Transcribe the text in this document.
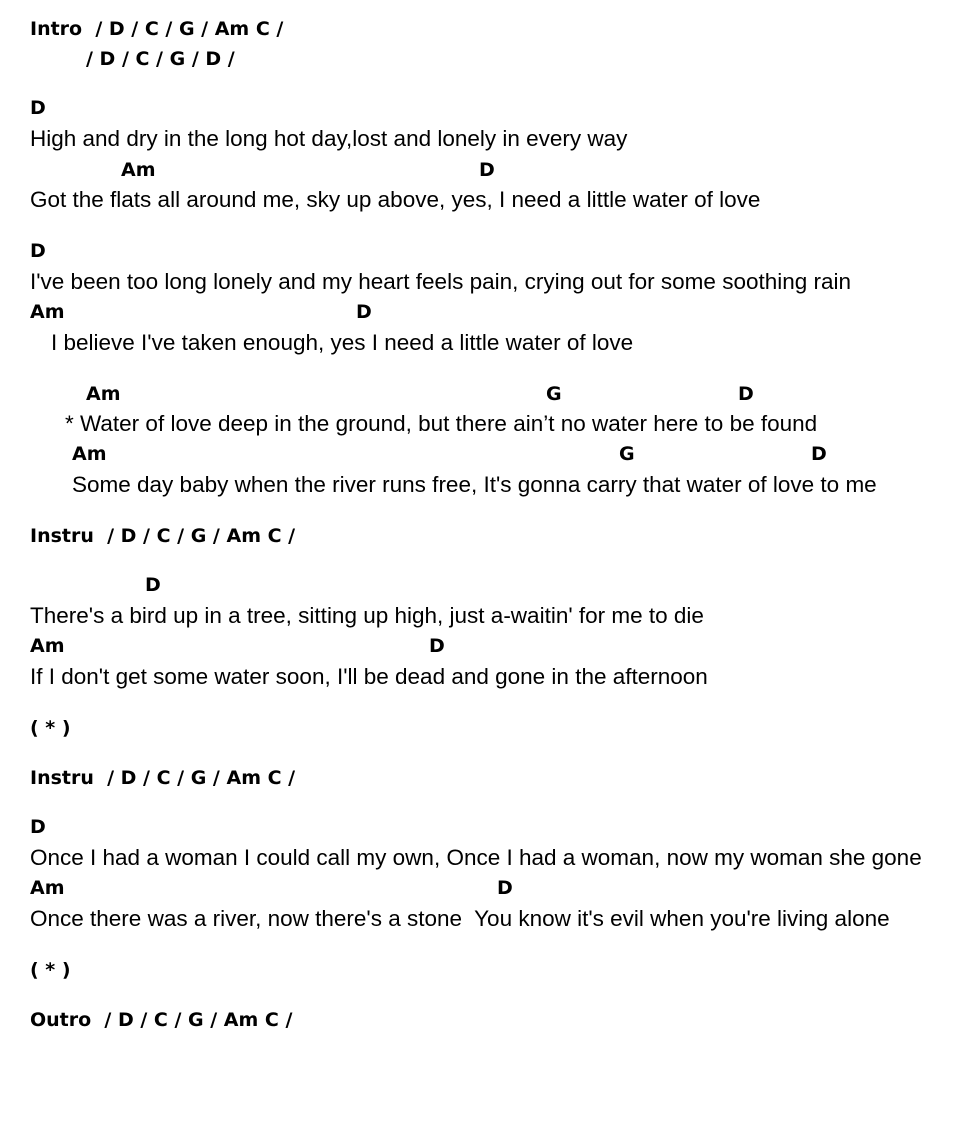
Intro  / D / C / G / Am C /
/ D / C / G / D /
D
High and dry in the long hot day,lost and lonely in every way
Am	D
Got the flats all around me, sky up above, yes, I need a little water of love
D
I've been too long lonely and my heart feels pain, crying out for some soothing rain
Am	D
I believe I've taken enough, yes I need a little water of love
Am	G	D
* Water of love deep in the ground, but there ain’t no water here to be found
Am	G	D
Some day baby when the river runs free, It's gonna carry that water of love to me
Instru  / D / C / G / Am C /
D
There's a bird up in a tree, sitting up high, just a-waitin' for me to die
Am	D
If I don't get some water soon, I'll be dead and gone in the afternoon
( * )
Instru  / D / C / G / Am C /
D
Once I had a woman I could call my own, Once I had a woman, now my woman she gone
Am	D
Once there was a river, now there's a stone  You know it's evil when you're living alone
( * )
Outro  / D / C / G / Am C /
